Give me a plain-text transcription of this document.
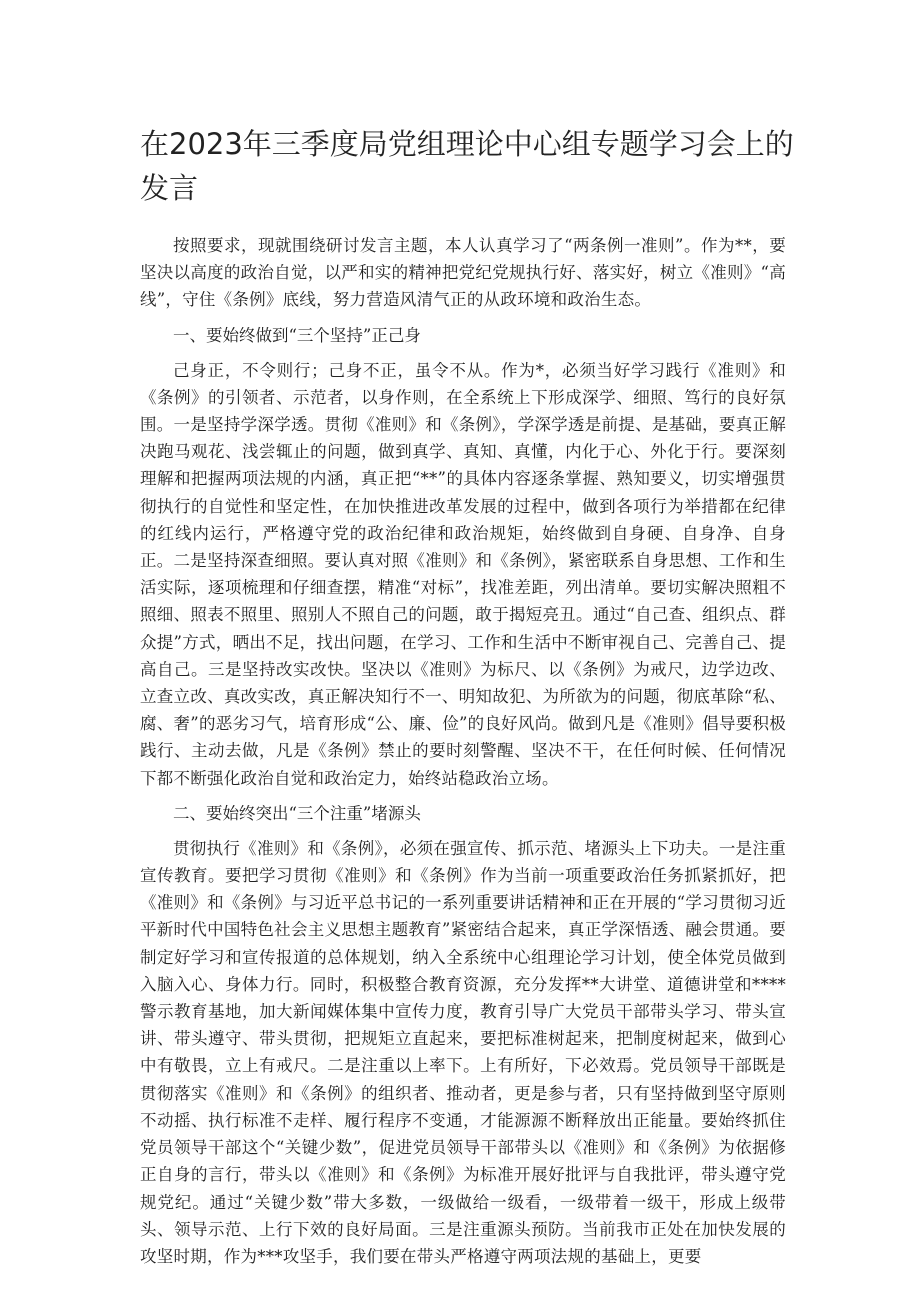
在2023年三季度局党组理论中心组专题学习会上的发言

按照要求，现就围绕研讨发言主题，本人认真学习了“两条例一准则”。作为**，要坚决以高度的政治自觉，以严和实的精神把党纪党规执行好、落实好，树立《准则》“高线”，守住《条例》底线，努力营造风清气正的从政环境和政治生态。

一、要始终做到“三个坚持”正己身

己身正，不令则行；己身不正，虽令不从。作为*，必须当好学习践行《准则》和《条例》的引领者、示范者，以身作则，在全系统上下形成深学、细照、笃行的良好氛围。一是坚持学深学透。贯彻《准则》和《条例》，学深学透是前提、是基础，要真正解决跑马观花、浅尝辄止的问题，做到真学、真知、真懂，内化于心、外化于行。要深刻理解和把握两项法规的内涵，真正把“**”的具体内容逐条掌握、熟知要义，切实增强贯彻执行的自觉性和坚定性，在加快推进改革发展的过程中，做到各项行为举措都在纪律的红线内运行，严格遵守党的政治纪律和政治规矩，始终做到自身硬、自身净、自身正。二是坚持深查细照。要认真对照《准则》和《条例》，紧密联系自身思想、工作和生活实际，逐项梳理和仔细查摆，精准“对标”，找准差距，列出清单。要切实解决照粗不照细、照表不照里、照别人不照自己的问题，敢于揭短亮丑。通过“自己查、组织点、群众提”方式，晒出不足，找出问题，在学习、工作和生活中不断审视自己、完善自己、提高自己。三是坚持改实改快。坚决以《准则》为标尺、以《条例》为戒尺，边学边改、立查立改、真改实改，真正解决知行不一、明知故犯、为所欲为的问题，彻底革除“私、腐、奢”的恶劣习气，培育形成“公、廉、俭”的良好风尚。做到凡是《准则》倡导要积极践行、主动去做，凡是《条例》禁止的要时刻警醒、坚决不干，在任何时候、任何情况下都不断强化政治自觉和政治定力，始终站稳政治立场。

二、要始终突出“三个注重”堵源头

贯彻执行《准则》和《条例》，必须在强宣传、抓示范、堵源头上下功夫。一是注重宣传教育。要把学习贯彻《准则》和《条例》作为当前一项重要政治任务抓紧抓好，把《准则》和《条例》与习近平总书记的一系列重要讲话精神和正在开展的“学习贯彻习近平新时代中国特色社会主义思想主题教育”紧密结合起来，真正学深悟透、融会贯通。要制定好学习和宣传报道的总体规划，纳入全系统中心组理论学习计划，使全体党员做到入脑入心、身体力行。同时，积极整合教育资源，充分发挥**大讲堂、道德讲堂和****警示教育基地，加大新闻媒体集中宣传力度，教育引导广大党员干部带头学习、带头宣讲、带头遵守、带头贯彻，把规矩立直起来，要把标准树起来，把制度树起来，做到心中有敬畏，立上有戒尺。二是注重以上率下。上有所好，下必效焉。党员领导干部既是贯彻落实《准则》和《条例》的组织者、推动者，更是参与者，只有坚持做到坚守原则不动摇、执行标准不走样、履行程序不变通，才能源源不断释放出正能量。要始终抓住党员领导干部这个“关键少数”，促进党员领导干部带头以《准则》和《条例》为依据修正自身的言行，带头以《准则》和《条例》为标准开展好批评与自我批评，带头遵守党规党纪。通过“关键少数”带大多数，一级做给一级看，一级带着一级干，形成上级带头、领导示范、上行下效的良好局面。三是注重源头预防。当前我市正处在加快发展的攻坚时期，作为***攻坚手，我们要在带头严格遵守两项法规的基础上，更要
